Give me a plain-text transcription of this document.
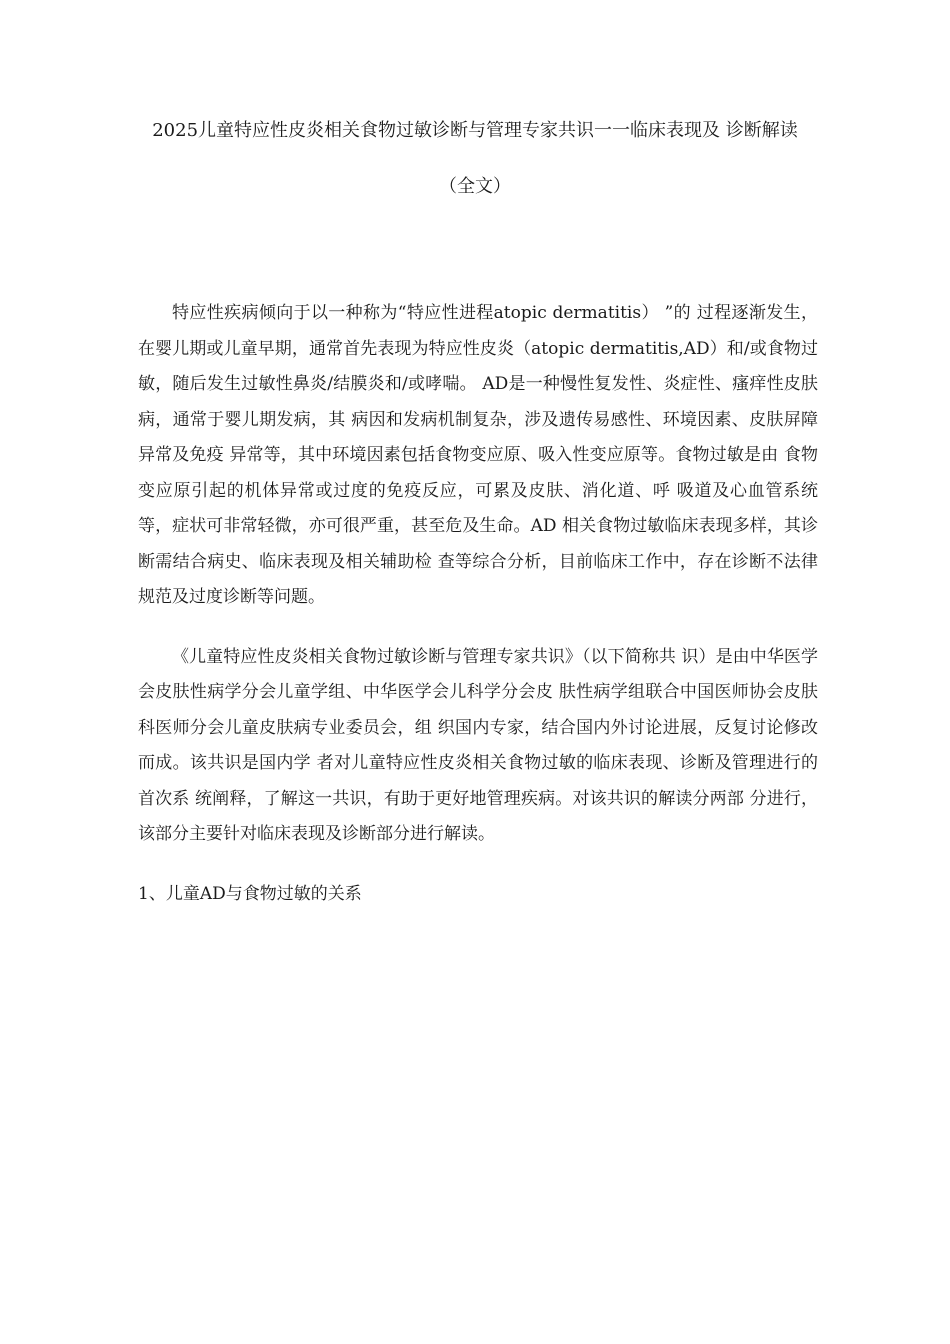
2025儿童特应性皮炎相关食物过敏诊断与管理专家共识一一临床表现及 诊断解读
（全文）

特应性疾病倾向于以一种称为“特应性进程atopic dermatitis） ”的 过程逐渐发生，在婴儿期或儿童早期，通常首先表现为特应性皮炎（atopic dermatitis,AD）和/或食物过敏，随后发生过敏性鼻炎/结膜炎和/或哮喘。 AD是一种慢性复发性、炎症性、瘙痒性皮肤病，通常于婴儿期发病，其 病因和发病机制复杂，涉及遗传易感性、环境因素、皮肤屏障异常及免疫 异常等，其中环境因素包括食物变应原、吸入性变应原等。食物过敏是由 食物变应原引起的机体异常或过度的免疫反应，可累及皮肤、消化道、呼 吸道及心血管系统等，症状可非常轻微，亦可很严重，甚至危及生命。AD 相关食物过敏临床表现多样，其诊断需结合病史、临床表现及相关辅助检 查等综合分析，目前临床工作中，存在诊断不法律规范及过度诊断等问题。

《儿童特应性皮炎相关食物过敏诊断与管理专家共识》（以下简称共 识）是由中华医学会皮肤性病学分会儿童学组、中华医学会儿科学分会皮 肤性病学组联合中国医师协会皮肤科医师分会儿童皮肤病专业委员会，组 织国内专家，结合国内外讨论进展，反复讨论修改而成。该共识是国内学 者对儿童特应性皮炎相关食物过敏的临床表现、诊断及管理进行的首次系 统阐释，了解这一共识，有助于更好地管理疾病。对该共识的解读分两部 分进行，该部分主要针对临床表现及诊断部分进行解读。

1、儿童AD与食物过敏的关系
